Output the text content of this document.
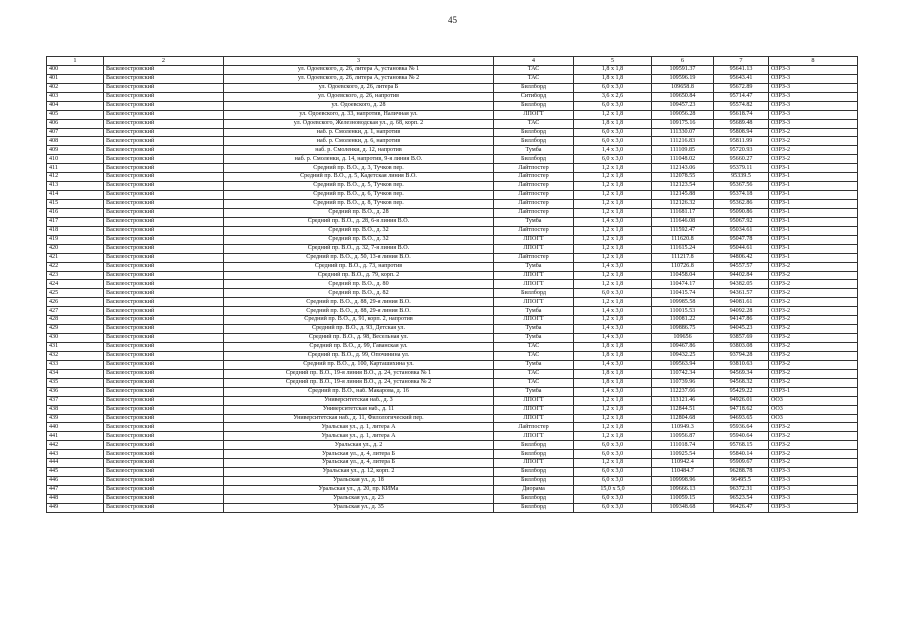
45
1	2	3	4	5	6	7	8
400	Василеостровский	ул. Одоевского, д. 26, литера А, установка № 1	ТАС	1,8 x 1,8	109591.37	95641.13	ОЗРЗ-3
401	Василеостровский	ул. Одоевского, д. 26, литера А, установка № 2	ТАС	1,8 x 1,8	109596.19	95643.41	ОЗРЗ-3
402	Василеостровский	ул. Одоевского, д. 26, литера Б	Биллборд	6,0 x 3,0	109658.8	95672.89	ОЗРЗ-3
403	Василеостровский	ул. Одоевского, д. 26, напротив	Ситиборд	3,6 x 2,6	109650.84	95714.47	ОЗРЗ-3
404	Василеостровский	ул. Одоевского, д. 28	Биллборд	6,0 x 3,0	109457.23	95574.82	ОЗРЗ-3
405	Василеостровский	ул. Одоевского, д. 33, напротив, Наличная ул.	ЛПОГТ	1,2 x 1,8	109056.28	95618.74	ОЗРЗ-3
406	Василеостровский	ул. Одоевского, Железноводская ул., д. 68, корп. 2	ТАС	1,8 x 1,8	109175.16	95689.48	ОЗРЗ-3
407	Василеостровский	наб. р. Смоленки, д. 1, напротив	Биллборд	6,0 x 3,0	111330.07	95808.94	ОЗРЗ-2
408	Василеостровский	наб. р. Смоленки, д. 6, напротив	Биллборд	6,0 x 3,0	111216.83	95811.99	ОЗРЗ-2
409	Василеостровский	наб. р. Смоленки, д. 12, напротив	Тумба	1,4 x 3,0	111109.85	95720.93	ОЗРЗ-2
410	Василеостровский	наб. р. Смоленки, д. 14, напротив, 9-я линия В.О.	Биллборд	6,0 x 3,0	111048.02	95660.27	ОЗРЗ-2
411	Василеостровский	Средний пр. В.О., д. 3, Тучков пер.	Лайтпостер	1,2 x 1,8	112143.06	95379.11	ОЗРЗ-1
412	Василеостровский	Средний пр. В.О., д. 5, Кадетская линия В.О.	Лайтпостер	1,2 x 1,8	112078.55	95339.5	ОЗРЗ-1
413	Василеостровский	Средний пр. В.О., д. 5, Тучков пер.	Лайтпостер	1,2 x 1,8	112123.54	95367.56	ОЗРЗ-1
414	Василеостровский	Средний пр. В.О., д. 6, Тучков пер.	Лайтпостер	1,2 x 1,8	112145.88	95374.18	ОЗРЗ-1
415	Василеостровский	Средний пр. В.О., д. 8, Тучков пер.	Лайтпостер	1,2 x 1,8	112126.32	95362.86	ОЗРЗ-1
416	Василеостровский	Средний пр. В.О., д. 28	Лайтпостер	1,2 x 1,8	111681.17	95090.86	ОЗРЗ-1
417	Василеостровский	Средний пр. В.О., д. 28, 6-я линия В.О.	Тумба	1,4 x 3,0	111646.08	95067.92	ОЗРЗ-1
418	Василеостровский	Средний пр. В.О., д. 32	Лайтпостер	1,2 x 1,8	111592.47	95034.61	ОЗРЗ-1
419	Василеостровский	Средний пр. В.О., д. 32	ЛПОГТ	1,2 x 1,8	111620.8	95047.78	ОЗРЗ-1
420	Василеостровский	Средний пр. В.О., д. 32, 7-я линия В.О.	ЛПОГТ	1,2 x 1,8	111615.24	95044.61	ОЗРЗ-1
421	Василеостровский	Средний пр. В.О., д. 50, 13-я линия В.О.	Лайтпостер	1,2 x 1,8	111217.8	94806.42	ОЗРЗ-1
422	Василеостровский	Средний пр. В.О., д. 73, напротив	Тумба	1,4 x 3,0	110726.8	94557.57	ОЗРЗ-2
423	Василеостровский	Средний пр. В.О., д. 79, корп. 2	ЛПОГТ	1,2 x 1,8	110458.04	94402.84	ОЗРЗ-2
424	Василеостровский	Средний пр. В.О., д. 80	ЛПОГТ	1,2 x 1,8	110474.17	94382.05	ОЗРЗ-2
425	Василеостровский	Средний пр. В.О., д. 82	Биллборд	6,0 x 3,0	110415.74	94361.57	ОЗРЗ-2
426	Василеостровский	Средний пр. В.О., д. 88, 29-я линия В.О.	ЛПОГТ	1,2 x 1,8	109985.58	94081.61	ОЗРЗ-2
427	Василеостровский	Средний пр. В.О., д. 88, 29-я линия В.О.	Тумба	1,4 x 3,0	110015.53	94092.28	ОЗРЗ-2
428	Василеостровский	Средний пр. В.О., д. 91, корп. 2, напротив	ЛПОГТ	1,2 x 1,8	110081.22	94147.86	ОЗРЗ-2
429	Василеостровский	Средний пр. В.О., д. 93, Детская ул.	Тумба	1,4 x 3,0	109886.75	94045.23	ОЗРЗ-2
430	Василеостровский	Средний пр. В.О., д. 98, Весельная ул.	Тумба	1,4 x 3,0	109656	93857.69	ОЗРЗ-2
431	Василеостровский	Средний пр. В.О., д. 99, Гаванская ул.	ТАС	1,8 x 1,8	109467.86	93803.08	ОЗРЗ-2
432	Василеостровский	Средний пр. В.О., д. 99, Опочинина ул.	ТАС	1,8 x 1,8	109432.25	93794.28	ОЗРЗ-2
433	Василеостровский	Средний пр. В.О., д. 100, Карташихина ул.	Тумба	1,4 x 3,0	109563.94	93810.63	ОЗРЗ-2
434	Василеостровский	Средний пр. В.О., 19-я линия В.О., д. 24, установка № 1	ТАС	1,8 x 1,8	110742.34	94569.34	ОЗРЗ-2
435	Василеостровский	Средний пр. В.О., 19-я линия В.О., д. 24, установка № 2	ТАС	1,8 x 1,8	110739.96	94568.32	ОЗРЗ-2
436	Василеостровский	Средний пр. В.О., наб. Макарова, д. 16	Тумба	1,4 x 3,0	112237.66	95429.22	ОЗРЗ-1
437	Василеостровский	Университетская наб., д. 3	ЛПОГТ	1,2 x 1,8	113121.46	94926.01	ОО3
438	Василеостровский	Университетская наб., д. 11	ЛПОГТ	1,2 x 1,8	112844.51	94718.62	ОО3
439	Василеостровский	Университетская наб., д. 11, Филологический пер.	ЛПОГТ	1,2 x 1,8	112804.68	94693.65	ОО3
440	Василеостровский	Уральская ул., д. 1, литера А	Лайтпостер	1,2 x 1,8	110949.3	95936.64	ОЗРЗ-2
441	Василеостровский	Уральская ул., д. 1, литера А	ЛПОГТ	1,2 x 1,8	110956.87	95940.64	ОЗРЗ-2
442	Василеостровский	Уральская ул., д. 2	Биллборд	6,0 x 3,0	111018.74	95768.15	ОЗРЗ-2
443	Василеостровский	Уральская ул., д. 4, литера Б	Биллборд	6,0 x 3,0	110925.54	95840.14	ОЗРЗ-2
444	Василеостровский	Уральская ул., д. 4, литера Б	ЛПОГТ	1,2 x 1,8	110942.4	95909.67	ОЗРЗ-2
445	Василеостровский	Уральская ул., д. 12, корп. 2	Биллборд	6,0 x 3,0	110484.7	96288.78	ОЗРЗ-3
446	Василеостровский	Уральская ул., д. 18	Биллборд	6,0 x 3,0	109998.96	96495.5	ОЗРЗ-3
447	Василеостровский	Уральская ул., д. 20, пр. КИМа	Диорама	15,0 x 5,0	109666.13	96372.31	ОЗРЗ-3
448	Василеостровский	Уральская ул., д. 23	Биллборд	6,0 x 3,0	110059.15	96523.54	ОЗРЗ-3
449	Василеостровский	Уральская ул., д. 35	Биллборд	6,0 x 3,0	109348.68	96426.47	ОЗРЗ-3
